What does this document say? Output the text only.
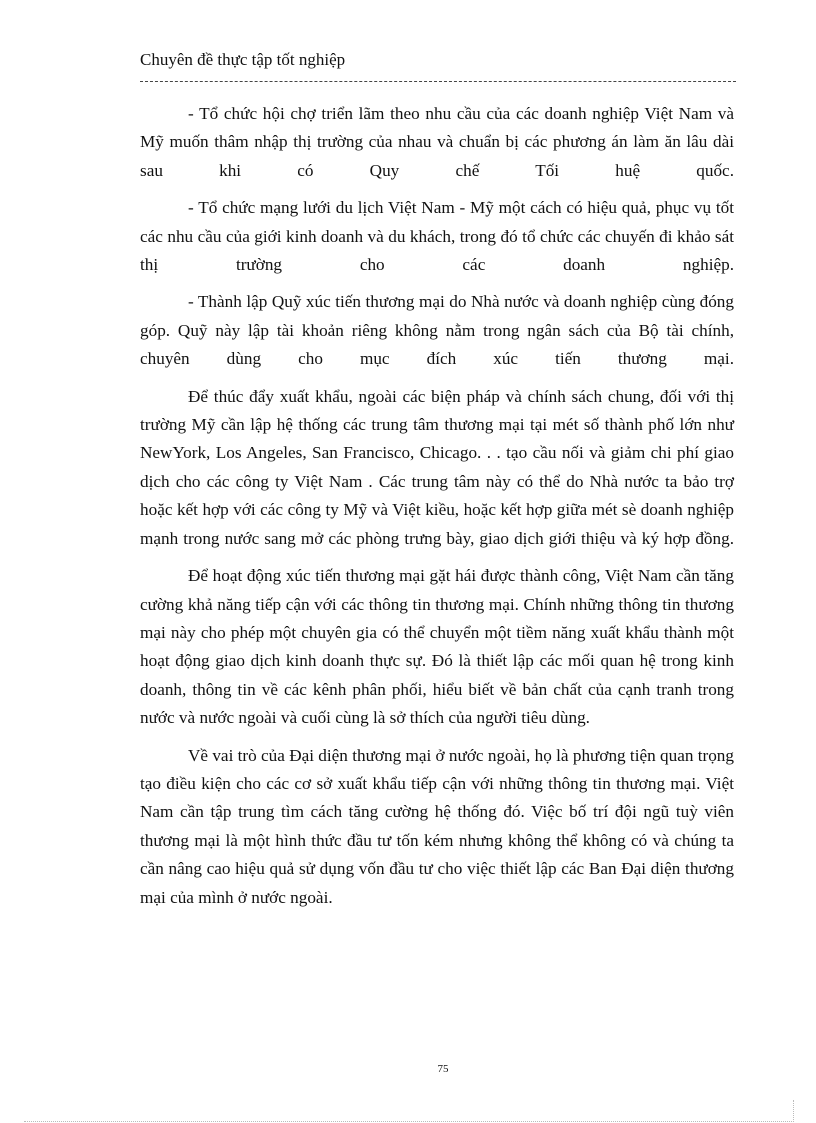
Chuyên đề thực tập tốt nghiệp

- Tổ chức hội chợ triển lãm theo nhu cầu của các doanh nghiệp Việt Nam và Mỹ muốn thâm nhập thị trường của nhau và chuẩn bị các phương án làm ăn lâu dài sau khi có Quy chế Tối huệ quốc.

- Tổ chức mạng lưới du lịch Việt Nam - Mỹ một cách có hiệu quả, phục vụ tốt các nhu cầu của giới kinh doanh và du khách, trong đó tổ chức các chuyến đi khảo sát thị trường cho các doanh nghiệp.

- Thành lập Quỹ xúc tiến thương mại do Nhà nước và doanh nghiệp cùng đóng góp. Quỹ này lập tài khoản riêng không nằm trong ngân sách của Bộ tài chính, chuyên dùng cho mục đích xúc tiến thương mại.

Để thúc đẩy xuất khẩu, ngoài các biện pháp và chính sách chung, đối với thị trường Mỹ cần lập hệ thống các trung tâm thương mại tại mét số thành phố lớn như NewYork, Los Angeles, San Francisco, Chicago. . . tạo cầu nối và giảm chi phí giao dịch cho các công ty Việt Nam . Các trung tâm này có thể do Nhà nước ta bảo trợ hoặc kết hợp với các công ty Mỹ và Việt kiều, hoặc kết hợp giữa mét sè doanh nghiệp mạnh trong nước sang mở các phòng trưng bày, giao dịch giới thiệu và ký hợp đồng.

Để hoạt động xúc tiến thương mại gặt hái được thành công, Việt Nam cần tăng cường khả năng tiếp cận với các thông tin thương mại. Chính những thông tin thương mại này cho phép một chuyên gia có thể chuyển một tiềm năng xuất khẩu thành một hoạt động giao dịch kinh doanh thực sự. Đó là thiết lập các mối quan hệ trong kinh doanh, thông tin về các kênh phân phối, hiểu biết về bản chất của cạnh tranh trong nước và nước ngoài và cuối cùng là sở thích của người tiêu dùng.

Về vai trò của Đại diện thương mại ở nước ngoài, họ là phương tiện quan trọng tạo điều kiện cho các cơ sở xuất khẩu tiếp cận với những thông tin thương mại. Việt Nam cần tập trung tìm cách tăng cường hệ thống đó. Việc bố trí đội ngũ tuỳ viên thương mại là một hình thức đầu tư tốn kém nhưng không thể không có và chúng ta cần nâng cao hiệu quả sử dụng vốn đầu tư cho việc thiết lập các Ban Đại diện thương mại của mình ở nước ngoài.

75
